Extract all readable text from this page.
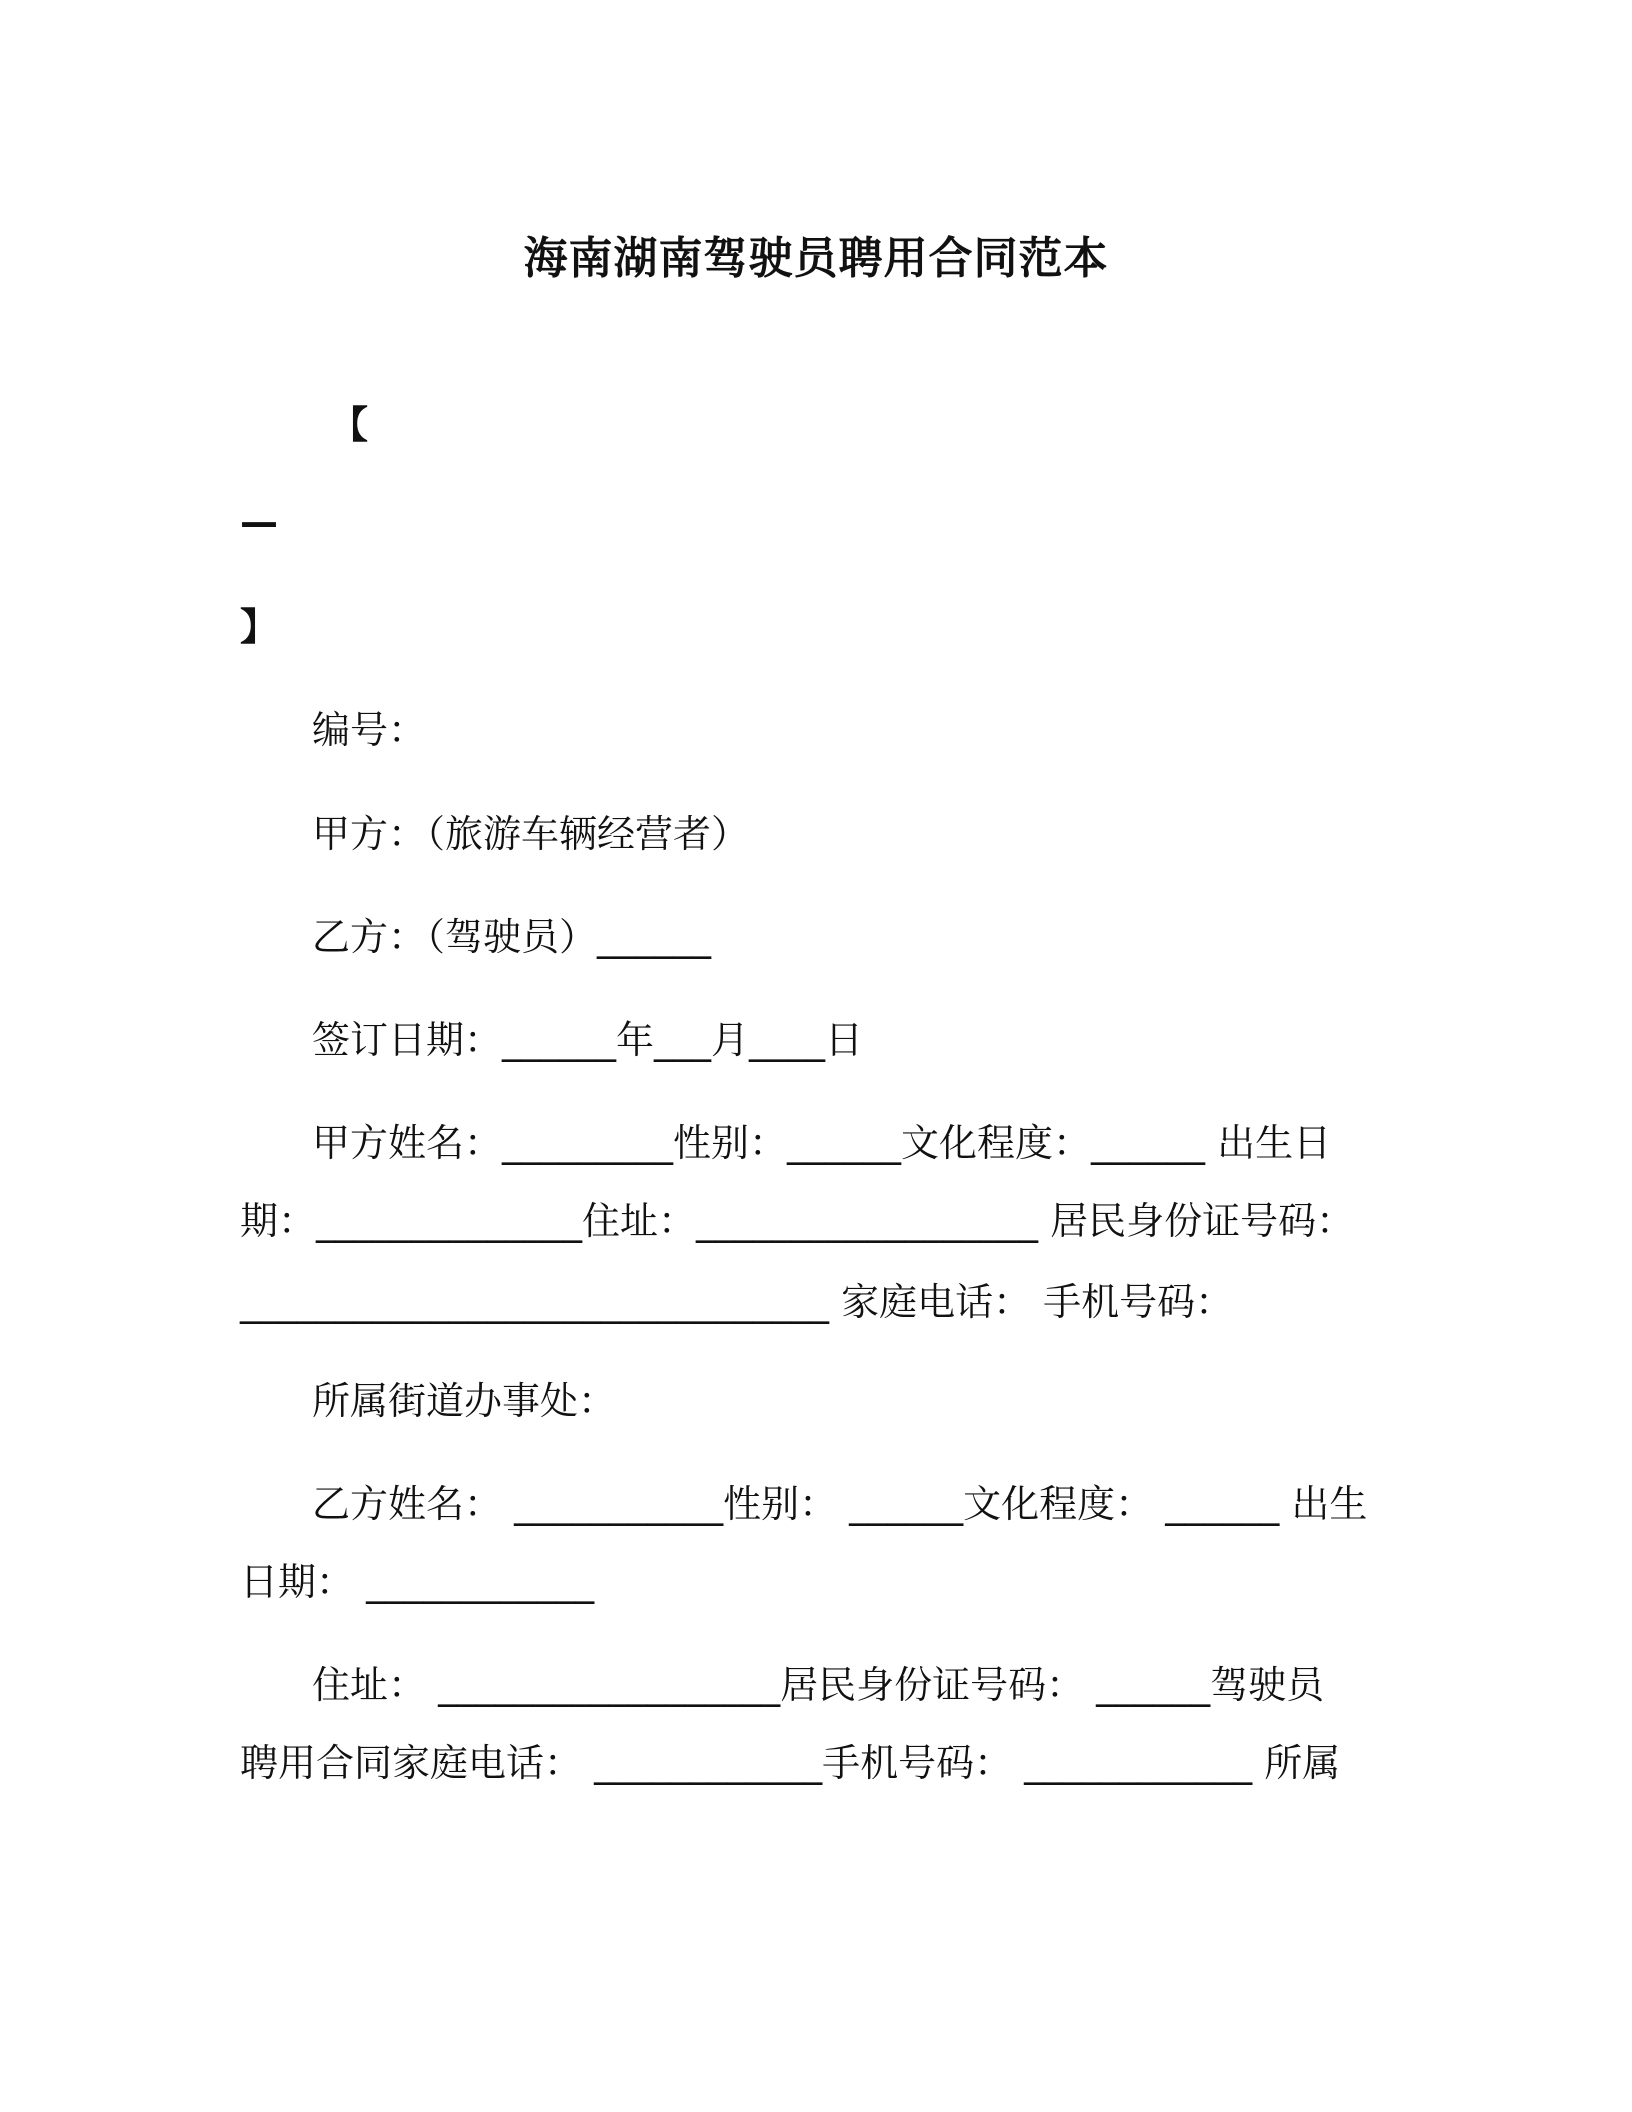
海南湖南驾驶员聘用合同范本
【
—
】
编号：
甲方：（旅游车辆经营者）
乙方：（驾驶员）______
签订日期：______年___月____日
甲方姓名：_________性别：______文化程度：______ 出生日
期：______________住址：__________________ 居民身份证号码：
_______________________________ 家庭电话： 手机号码：
所属街道办事处：
乙方姓名： ___________性别： ______文化程度： ______ 出生
日期： ____________
住址： __________________居民身份证号码： ______驾驶员
聘用合同家庭电话： ____________手机号码： ____________ 所属
